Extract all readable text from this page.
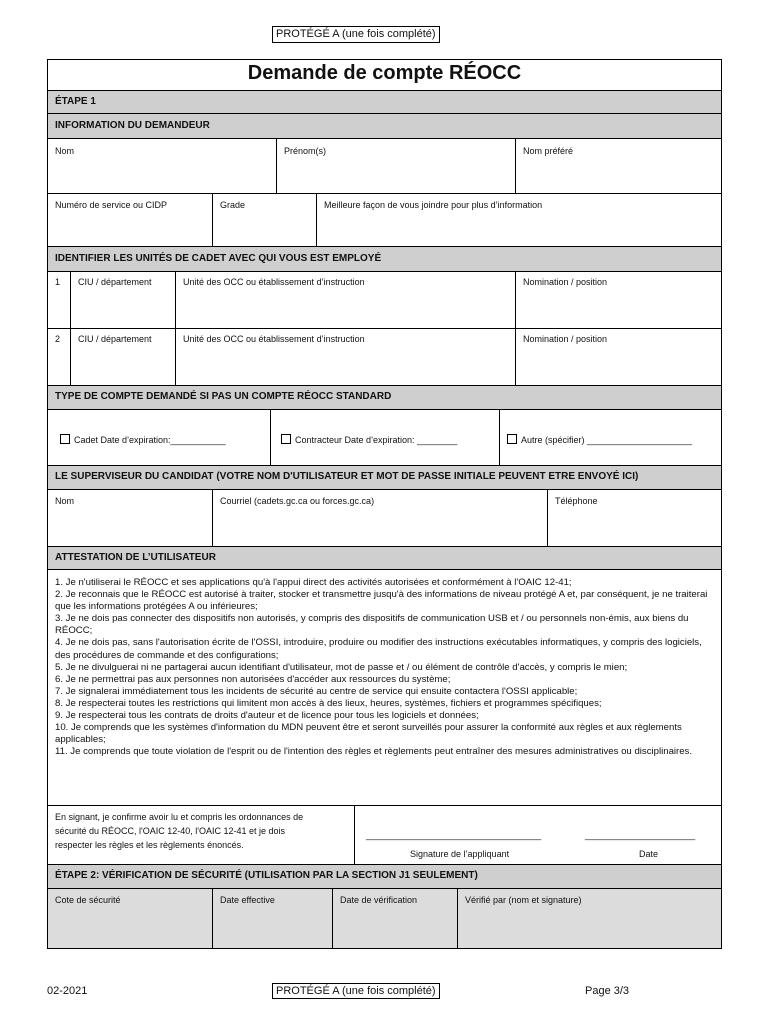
PROTÉGÉ A (une fois complété)
Demande de compte RÉOCC
ÉTAPE 1
INFORMATION DU DEMANDEUR
Nom	Prénom(s)	Nom préféré
Numéro de service ou CIDP	Grade	Meilleure façon de vous joindre pour plus d’information
IDENTIFIER LES UNITÉS DE CADET AVEC QUI VOUS EST EMPLOYÉ
1 CIU / département	Unité des OCC ou établissement d’instruction	Nomination / position
2 CIU / département	Unité des OCC ou établissement d’instruction	Nomination / position
TYPE DE COMPTE DEMANDÉ SI PAS UN COMPTE RÉOCC STANDARD
Cadet Date d’expiration:___________	Contracteur Date d’expiration: ________	Autre (spécifier) _____________________
LE SUPERVISEUR DU CANDIDAT (VOTRE NOM D'UTILISATEUR ET MOT DE PASSE INITIALE PEUVENT ETRE ENVOYÉ ICI)
Nom	Courriel (cadets.gc.ca ou forces.gc.ca)	Téléphone
ATTESTATION DE L’UTILISATEUR
1. Je n'utiliserai le RÉOCC et ses applications qu'à l'appui direct des activités autorisées et conformément à l'OAIC 12-41;
2. Je reconnais que le RÉOCC est autorisé à traiter, stocker et transmettre jusqu'à des informations de niveau protégé A et, par conséquent, je ne traiterai que les informations protégées A ou inférieures;
3. Je ne dois pas connecter des dispositifs non autorisés, y compris des dispositifs de communication USB et / ou personnels non-émis, aux biens du RÉOCC;
4. Je ne dois pas, sans l'autorisation écrite de l'OSSI, introduire, produire ou modifier des instructions exécutables informatiques, y compris des logiciels, des procédures de commande et des configurations;
5. Je ne divulguerai ni ne partagerai aucun identifiant d'utilisateur, mot de passe et / ou élément de contrôle d'accès, y compris le mien;
6. Je ne permettrai pas aux personnes non autorisées d'accéder aux ressources du système;
7. Je signalerai immédiatement tous les incidents de sécurité au centre de service qui ensuite contactera l'OSSI applicable;
8. Je respecterai toutes les restrictions qui limitent mon accès à des lieux, heures, systèmes, fichiers et programmes spécifiques;
9. Je respecterai tous les contrats de droits d'auteur et de licence pour tous les logiciels et données;
10. Je comprends que les systèmes d'information du MDN peuvent être et seront surveillés pour assurer la conformité aux règles et aux règlements applicables;
11. Je comprends que toute violation de l'esprit ou de l'intention des règles et règlements peut entraîner des mesures administratives ou disciplinaires.
En signant, je confirme avoir lu et compris les ordonnances de
sécurité du RÉOCC, l'OAIC 12-40, l'OAIC 12-41 et je dois
respecter les règles et les règlements énoncés.
___________________________________	______________________
Signature de l’appliquant	Date
ÉTAPE 2: VÉRIFICATION DE SÉCURITÉ (UTILISATION PAR LA SECTION J1 SEULEMENT)
Cote de sécurité	Date effective	Date de vérification	Vérifié par (nom et signature)
02-2021	PROTÉGÉ A (une fois complété)	Page 3/3
